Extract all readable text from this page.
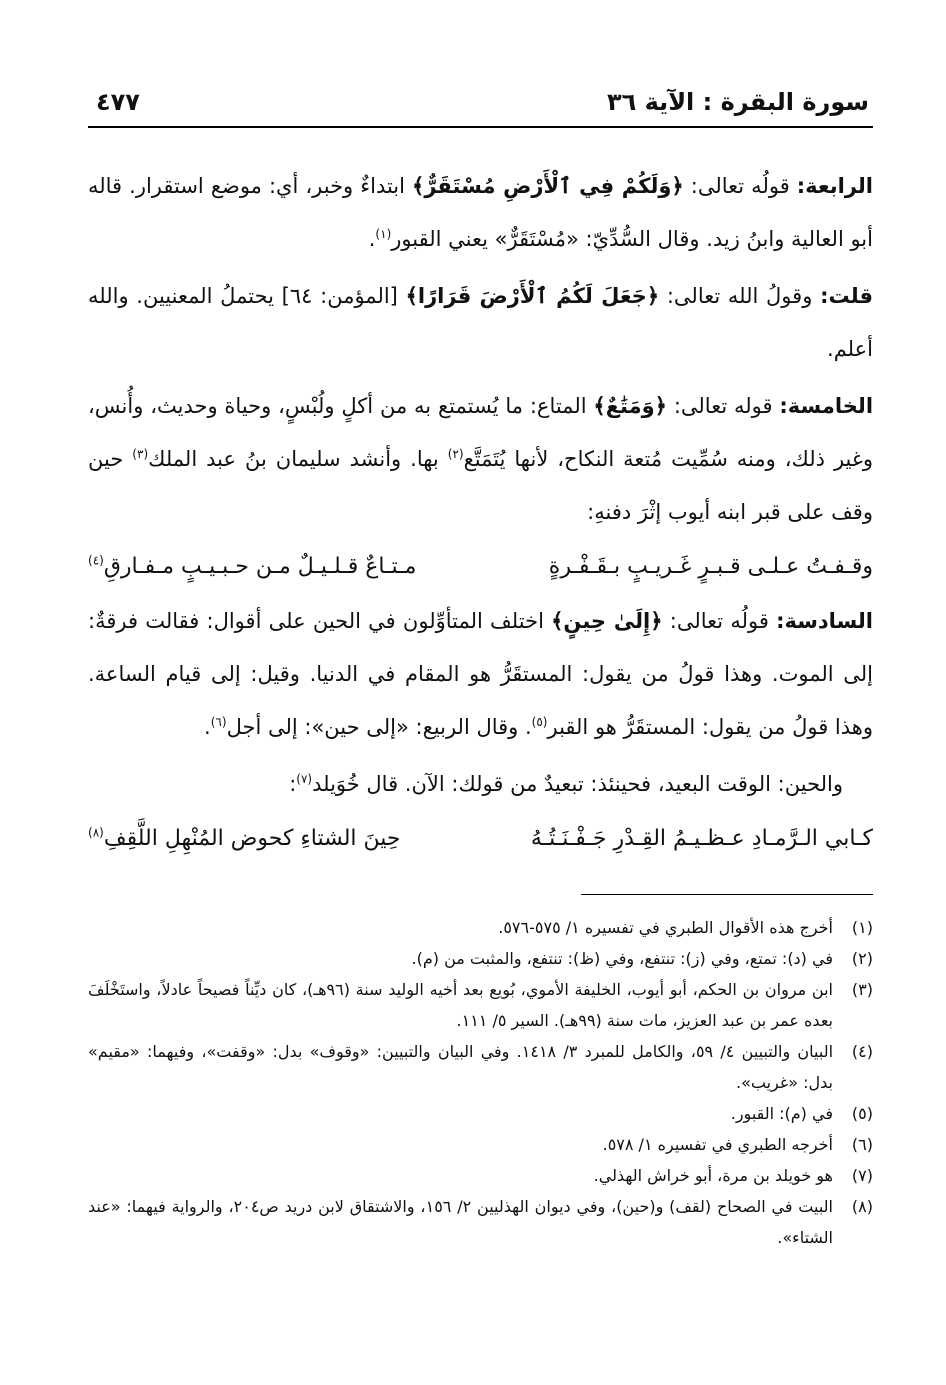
سورة البقرة : الآية ٣٦
٤٧٧

الرابعة: قولُه تعالى: ﴿وَلَكُمْ فِي ٱلْأَرْضِ مُسْتَقَرٌّ﴾ ابتداءٌ وخبر، أي: موضع استقرار. قاله أبو العالية وابنُ زيد. وقال السُّدِّيّ: «مُسْتَقَرٌّ» يعني القبور$^{(١)}$.

قلت: وقولُ الله تعالى: ﴿جَعَلَ لَكُمُ ٱلْأَرْضَ قَرَارًا﴾ [المؤمن: ٦٤] يحتملُ المعنيين. والله أعلم.

الخامسة: قوله تعالى: ﴿وَمَتَٰعٌ﴾ المتاع: ما يُستمتع به من أكلٍ ولُبْسٍ، وحياة وحديث، وأُنس، وغير ذلك، ومنه سُمِّيت مُتعة النكاح، لأنها يُتَمَتَّع$^{(٢)}$ بها. وأنشد سليمان بنُ عبد الملك$^{(٣)}$ حين وقف على قبر ابنه أيوب إثْرَ دفنهِ:

وقـفـتُ عـلـى قـبـرٍ غَـريـبٍ بـقَـفْـرةٍ
مـتـاعٌ قـلـيـلٌ مـن حـبـيـبٍ مـفـارقِ$^{(٤)}$

السادسة: قولُه تعالى: ﴿إِلَىٰ حِينٍ﴾ اختلف المتأوِّلون في الحين على أقوال: فقالت فرقةٌ: إلى الموت. وهذا قولُ من يقول: المستقَرُّ هو المقام في الدنيا. وقيل: إلى قيام الساعة. وهذا قولُ من يقول: المستقَرُّ هو القبر$^{(٥)}$. وقال الربيع: «إلى حين»: إلى أجل$^{(٦)}$.

والحين: الوقت البعيد، فحينئذ: تبعيدٌ من قولك: الآن. قال خُوَيلد$^{(٧)}$:

كـابي الـرَّمـادِ عـظـيـمُ القِـدْرِ جَـفْـنَـتُـهُ
حِينَ الشتاءِ كحوض المُنْهِلِ اللَّقِفِ$^{(٨)}$
(١)
أخرج هذه الأقوال الطبري في تفسيره ١/ ٥٧٥-٥٧٦.
(٢)
في (د): تمتع، وفي (ز): تنتفع، وفي (ظ): تنتفع، والمثبت من (م).
(٣)
ابن مروان بن الحكم، أبو أيوب، الخليفة الأموي، بُويع بعد أخيه الوليد سنة (٩٦هـ)، كان ديِّناً فصيحاً عادلاً، واستَخْلَفَ بعده عمر بن عبد العزيز، مات سنة (٩٩هـ). السير ٥/ ١١١.
(٤)
البيان والتبيين ٤/ ٥٩، والكامل للمبرد ٣/ ١٤١٨. وفي البيان والتبيين: «وقوف» بدل: «وقفت»، وفيهما: «مقيم» بدل: «غريب».
(٥)
في (م): القبور.
(٦)
أخرجه الطبري في تفسيره ١/ ٥٧٨.
(٧)
هو خويلد بن مرة، أبو خراش الهذلي.
(٨)
البيت في الصحاح (لقف) و(حين)، وفي ديوان الهذليين ٢/ ١٥٦، والاشتقاق لابن دريد ص٢٠٤، والرواية فيهما: «عند الشتاء».
